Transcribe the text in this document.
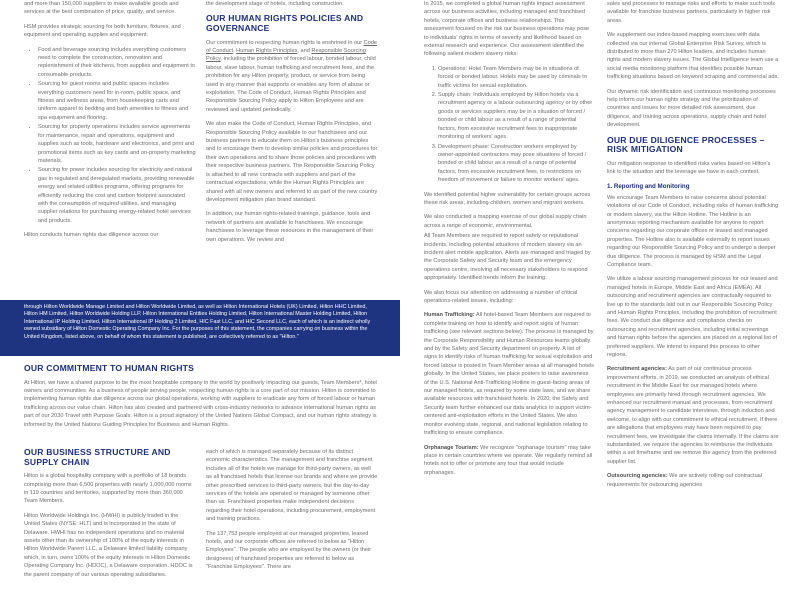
and more than 150,000 suppliers to make available goods and services at the best combination of price, quality, and service.

HSM provides strategic sourcing for both furniture, fixtures, and equipment and operating supplies and equipment:

• Food and beverage sourcing includes everything customers need to complete the construction, renovation and replenishment of their kitchens, from supplies and equipment to consumable products.
• Sourcing for guest rooms and public spaces includes everything customers need for in-room, public space, and fitness and wellness areas, from housekeeping carts and uniform apparel to bedding and bath amenities to fitness and spa equipment and flooring.
• Sourcing for property operations includes service agreements for maintenance, repair and operations, equipment and supplies such as tools, hardware and electronics, and print and promotional items such as key cards and on-property marketing materials.
• Sourcing for power includes sourcing for electricity and natural gas in regulated and deregulated markets, providing renewable energy and related utilities programs, offering programs for efficiently reducing the cost and carbon footprint associated with the consumption of required utilities, and managing supplier relations for purchasing energy-related hotel services and products.

Hilton conducts human rights due diligence across our

the development stage of hotels, including construction.

OUR HUMAN RIGHTS POLICIES AND GOVERNANCE

Our commitment to respecting human rights is enshrined in our Code of Conduct, Human Rights Principles, and Responsible Sourcing Policy, including the prohibition of forced labour, bonded labour, child labour, slave labour, human trafficking and recruitment fees, and the prohibition for any Hilton property, product, or service from being used in any manner that supports or enables any form of abuse or exploitation. The Code of Conduct, Human Rights Principles and Responsible Sourcing Policy apply to Hilton Employees and are reviewed and updated periodically.

We also make the Code of Conduct, Human Rights Principles, and Responsible Sourcing Policy available to our franchisees and our business partners to educate them on Hilton's business principles and to encourage them to develop similar policies and procedures for their own operations and to share those policies and procedures with their respective business partners. The Responsible Sourcing Policy is attached to all new contracts with suppliers and part of the contractual expectations, while the Human Rights Principles are shared with all new owners and referred to as part of the new country development mitigation plan brand standard.

In addition, our human rights-related trainings, guidance, tools and network of partners are available to franchisees. We encourage franchisees to leverage these resources in the management of their own operations. We review and

through Hilton Worldwide Manage Limited and Hilton Worldwide Limited, as well as Hilton International Hotels (UK) Limited, Hilton HHC Limited, Hilton HM Limited, Hilton Worldwide Holding LLP, Hilton International Entities Holding Limited, Hilton International Master Holding Limited, Hilton International IP Holding Limited, Hilton International IP Holding 2 Limited, HIC Fast LLC, and HIC Second LLC, each of which is an indirect wholly owned subsidiary of Hilton Domestic Operating Company Inc. For the purposes of this statement, the companies carrying on business within the United Kingdom, listed above, on behalf of whom this statement is published, are collectively referred to as "Hilton."

OUR COMMITMENT TO HUMAN RIGHTS

At Hilton, we have a shared purpose to be the most hospitable company in the world by positively impacting our guests, Team Members*, hotel owners and communities. As a business of people serving people, respecting human rights is a core part of our mission. Hilton is committed to implementing human rights due diligence across our global operations, working with suppliers to eradicate any form of forced labour or human trafficking across our value chain. Hilton has also created and partnered with cross-industry networks to advance international human rights as part of our 2030 Travel with Purpose Goals. Hilton is a proud signatory of the United Nations Global Compact, and our human rights strategy is informed by the United Nations Guiding Principles for Business and Human Rights.

OUR BUSINESS STRUCTURE AND SUPPLY CHAIN

Hilton is a global hospitality company with a portfolio of 18 brands comprising more than 6,500 properties with nearly 1,000,000 rooms in 119 countries and territories, supported by more than 360,000 Team Members.

Hilton Worldwide Holdings Inc. (HWHI) is publicly traded in the United States (NYSE: HLT) and is incorporated in the state of Delaware. HWHI has no independent operations and no material assets other than its ownership of 100% of the equity interests in Hilton Worldwide Parent LLC, a Delaware limited liability company which, in turn, owns 100% of the equity interests in Hilton Domestic Operating Company Inc. (HDOC), a Delaware corporation. HDOC is the parent company of our various operating subsidiaries.

each of which is managed separately because of its distinct economic characteristics. The management and franchise segment includes all of the hotels we manage for third-party owners, as well as all franchised hotels that license our brands and where we provide other prescribed services to third-party owners, but the day-to-day services of the hotels are operated or managed by someone other than us. Franchised properties make independent decisions regarding their hotel operations, including procurement, employment and training practices.

The 137,753 people employed at our managed properties, leased hotels, and our corporate offices are referred to below as "Hilton Employees". The people who are employed by the owners (or their designees) of franchised properties are referred to below as "Franchise Employees". There are

In 2015, we completed a global human rights impact assessment across our business activities, including managed and franchised hotels, corporate offices and business relationships. This assessment focused on the risk our business operations may pose to individuals' rights in terms of severity and likelihood based on external research and experience. Our assessment identified the following salient modern slavery risks:

1. Operations: Hotel Team Members may be in situations of forced or bonded labour. Hotels may be used by criminals to traffic victims for sexual exploitation.
2. Supply chain: Individuals employed by Hilton hotels via a recruitment agency or a labour outsourcing agency or by other goods or services suppliers may be in a situation of forced / bonded or child labour as a result of a range of potential factors, from excessive recruitment fees to inappropriate monitoring of workers' ages.
3. Development phase: Construction workers employed by owner-appointed contractors may pose situations of forced / bonded or child labour as a result of a range of potential factors, from excessive recruitment fees, to restrictions on freedom of movement or failure to monitor workers' ages.

We identified potential higher vulnerability for certain groups across these risk areas, including children, women and migrant workers.

We also conducted a mapping exercise of our global supply chain across a range of economic, environmental,

All Team Members are required to report safety or reputational incidents, including potential situations of modern slavery via an incident alert mobile application. Alerts are managed and triaged by the Corporate Safety and Security team and the emergency operations centre, involving all necessary stakeholders to respond appropriately. Identified trends inform the training.

We also focus our attention on addressing a number of critical operations-related issues, including:

Human Trafficking: All hotel-based Team Members are required to complete training on how to identify and report signs of human trafficking (see relevant sections below). The process is managed by the Corporate Responsibility and Human Resources teams globally and by the Safety and Security department on property. A list of signs to identify risks of human trafficking for sexual exploitation and forced labour is posted in Team Member areas at all managed hotels globally. In the United States, we place posters to raise awareness of the U.S. National Anti-Trafficking Hotline in guest-facing areas of our managed hotels, as required by some state laws, and we share available resources with franchised hotels. In 2020, the Safety and Security team further enhanced our data analytics to support victim-centered anti-exploitation efforts in the United States. We also monitor evolving state, regional, and national legislation relating to trafficking to ensure compliance.

Orphanage Tourism: We recognize "orphanage tourism" may take place in certain countries where we operate. We regularly remind all hotels not to offer or promote any tour that would include orphanages.

sales and processes to manage risks and efforts to make such tools available for franchise business partners, particularly in higher risk areas.

We supplement our index-based mapping exercises with data collected via our internal Global Enterprise Risk Survey, which is distributed to more than 270 Hilton leaders, and includes human rights and modern slavery issues. The Global Intelligence team use a social media monitoring platform that identifies possible human trafficking situations based on keyword scraping and commercial ads.

Our dynamic risk identification and continuous monitoring processes help inform our human rights strategy and the prioritization of countries and issues for more detailed risk assessment, due diligence, and training across operations, supply chain and hotel development.

OUR DUE DILIGENCE PROCESSES – RISK MITIGATION

Our mitigation response to identified risks varies based on Hilton's link to the situation and the leverage we have in each context.

1. Reporting and Monitoring

We encourage Team Members to raise concerns about potential violations of our Code of Conduct, including risks of human trafficking or modern slavery, via the Hilton Hotline. The Hotline is an anonymous reporting mechanism available for anyone to report concerns regarding our corporate offices or leased and managed properties. The Hotline also is available externally to report issues regarding our Responsible Sourcing Policy and to undergo a deeper due diligence. The process is managed by HSM and the Legal Compliance team.

We utilize a labour sourcing management process for our leased and managed hotels in Europe, Middle East and Africa (EMEA). All outsourcing and recruitment agencies are contractually required to live up to the standards laid out in our Responsible Sourcing Policy and Human Rights Principles, including the prohibition of recruitment fees. We conduct due diligence and compliance checks on outsourcing and recruitment agencies, including initial screenings and human rights before the agencies are placed on a regional list of preferred suppliers. We intend to expand this process to other regions.

Recruitment agencies: As part of our continuous process improvement efforts, in 2019, we conducted an analysis of ethical recruitment in the Middle East for our managed hotels where employees are primarily hired through recruitment agencies. We enhanced our recruitment manual and processes, from recruitment agency management to candidate interviews, through induction and welcome, to align with our commitment to ethical recruitment. If there are allegations that employees may have been required to pay recruitment fees, we investigate the claims internally. If the claims are substantiated, we require the agencies to reimburse the individuals within a set timeframe and we remove the agency from the preferred supplier list.

Outsourcing agencies: We are actively rolling out contractual requirements for outsourcing agencies
